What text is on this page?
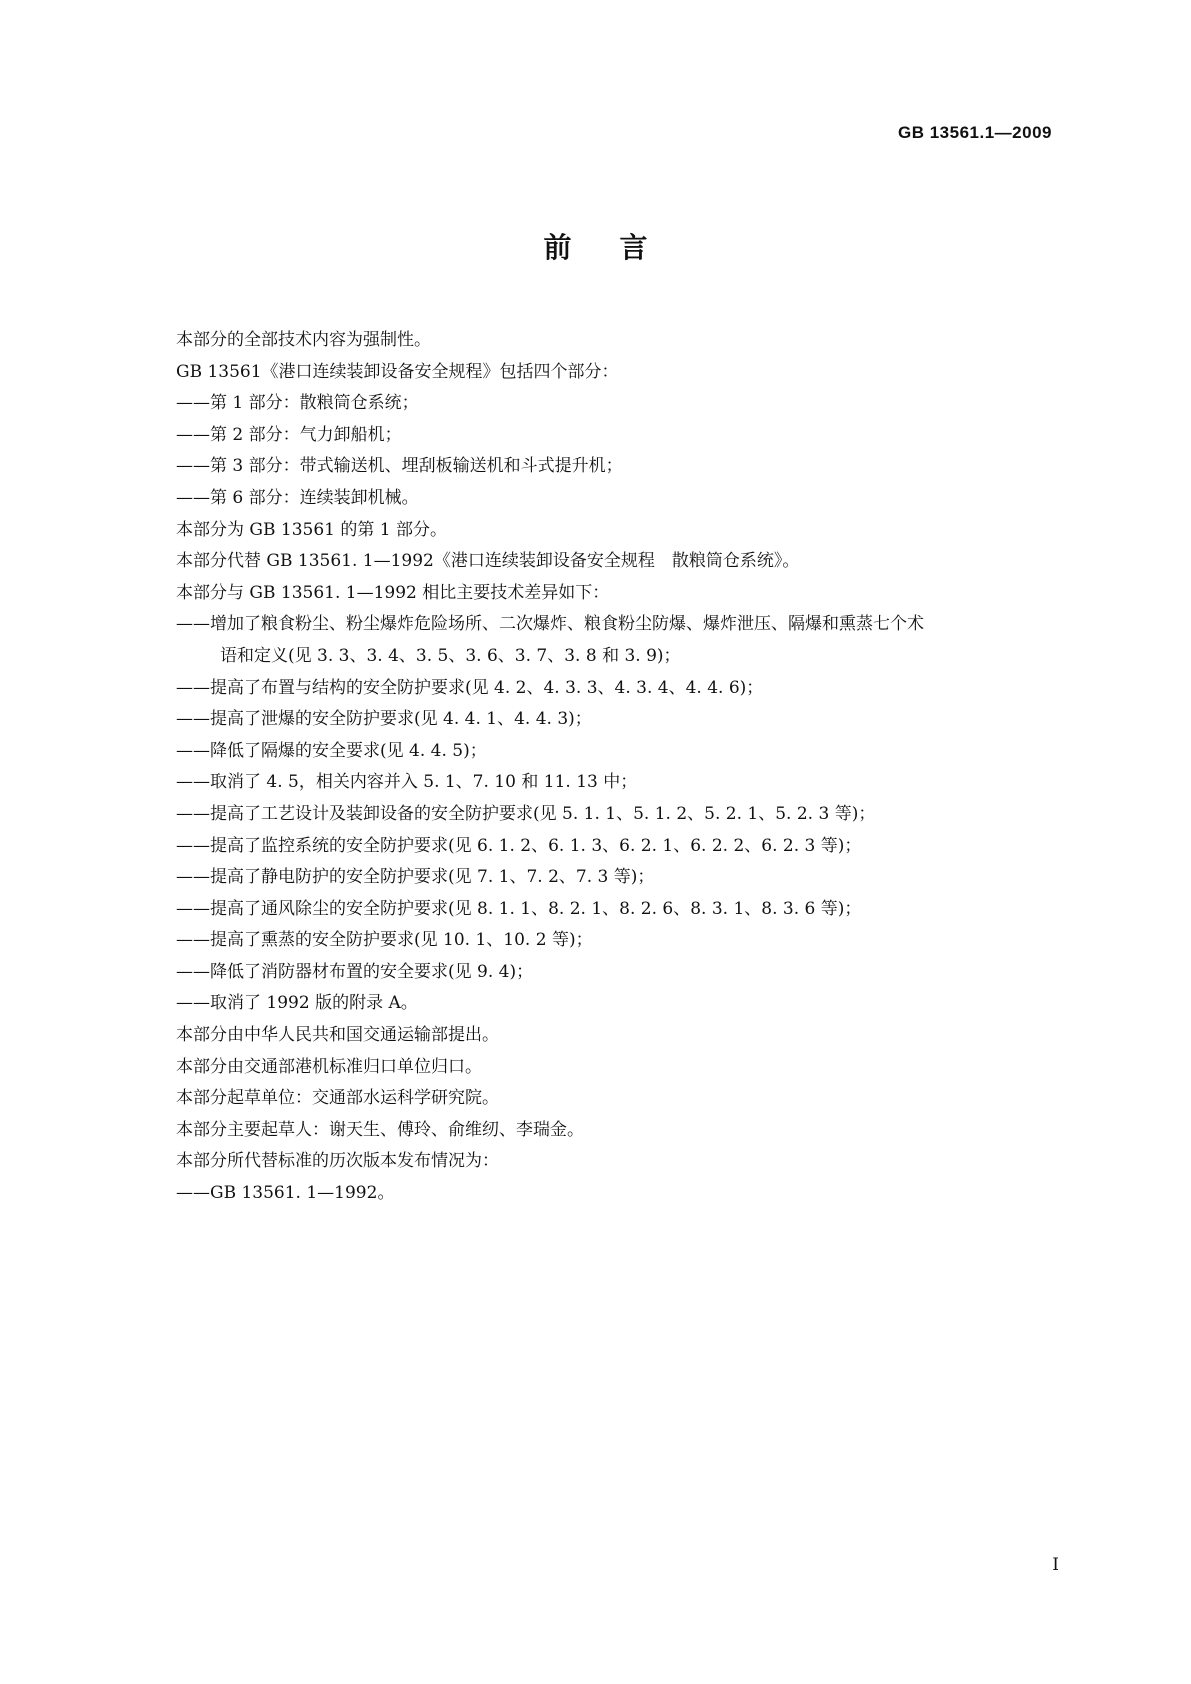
GB 13561.1—2009
前言
本部分的全部技术内容为强制性。
GB 13561《港口连续装卸设备安全规程》包括四个部分：
——第 1 部分：散粮筒仓系统；
——第 2 部分：气力卸船机；
——第 3 部分：带式输送机、埋刮板输送机和斗式提升机；
——第 6 部分：连续装卸机械。
本部分为 GB 13561 的第 1 部分。
本部分代替 GB 13561. 1—1992《港口连续装卸设备安全规程　散粮筒仓系统》。
本部分与 GB 13561. 1—1992 相比主要技术差异如下：
——增加了粮食粉尘、粉尘爆炸危险场所、二次爆炸、粮食粉尘防爆、爆炸泄压、隔爆和熏蒸七个术
语和定义(见 3. 3、3. 4、3. 5、3. 6、3. 7、3. 8 和 3. 9)；
——提高了布置与结构的安全防护要求(见 4. 2、4. 3. 3、4. 3. 4、4. 4. 6)；
——提高了泄爆的安全防护要求(见 4. 4. 1、4. 4. 3)；
——降低了隔爆的安全要求(见 4. 4. 5)；
——取消了 4. 5，相关内容并入 5. 1、7. 10 和 11. 13 中；
——提高了工艺设计及装卸设备的安全防护要求(见 5. 1. 1、5. 1. 2、5. 2. 1、5. 2. 3 等)；
——提高了监控系统的安全防护要求(见 6. 1. 2、6. 1. 3、6. 2. 1、6. 2. 2、6. 2. 3 等)；
——提高了静电防护的安全防护要求(见 7. 1、7. 2、7. 3 等)；
——提高了通风除尘的安全防护要求(见 8. 1. 1、8. 2. 1、8. 2. 6、8. 3. 1、8. 3. 6 等)；
——提高了熏蒸的安全防护要求(见 10. 1、10. 2 等)；
——降低了消防器材布置的安全要求(见 9. 4)；
——取消了 1992 版的附录 A。
本部分由中华人民共和国交通运输部提出。
本部分由交通部港机标准归口单位归口。
本部分起草单位：交通部水运科学研究院。
本部分主要起草人：谢天生、傅玲、俞维纫、李瑞金。
本部分所代替标准的历次版本发布情况为：
——GB 13561. 1—1992。
I
